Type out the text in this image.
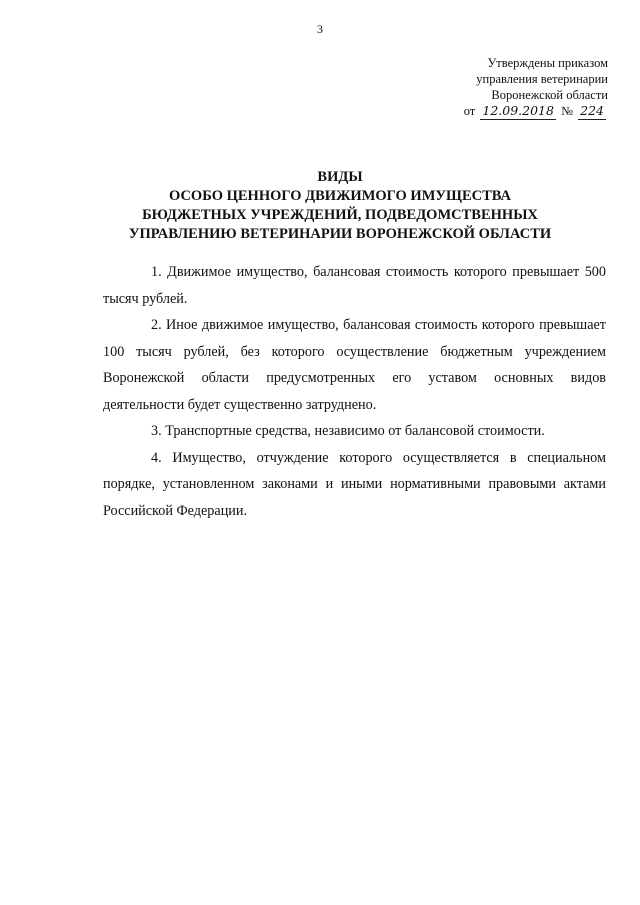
3
Утверждены приказом
управления ветеринарии
Воронежской области
от 12.09.2018 № 224
ВИДЫ
ОСОБО ЦЕННОГО ДВИЖИМОГО ИМУЩЕСТВА
БЮДЖЕТНЫХ УЧРЕЖДЕНИЙ, ПОДВЕДОМСТВЕННЫХ
УПРАВЛЕНИЮ ВЕТЕРИНАРИИ ВОРОНЕЖСКОЙ ОБЛАСТИ

1. Движимое имущество, балансовая стоимость которого превышает 500 тысяч рублей.

2. Иное движимое имущество, балансовая стоимость которого превышает 100 тысяч рублей, без которого осуществление бюджетным учреждением Воронежской области предусмотренных его уставом основных видов деятельности будет существенно затруднено.

3. Транспортные средства, независимо от балансовой стоимости.

4. Имущество, отчуждение которого осуществляется в специальном порядке, установленном законами и иными нормативными правовыми актами Российской Федерации.
